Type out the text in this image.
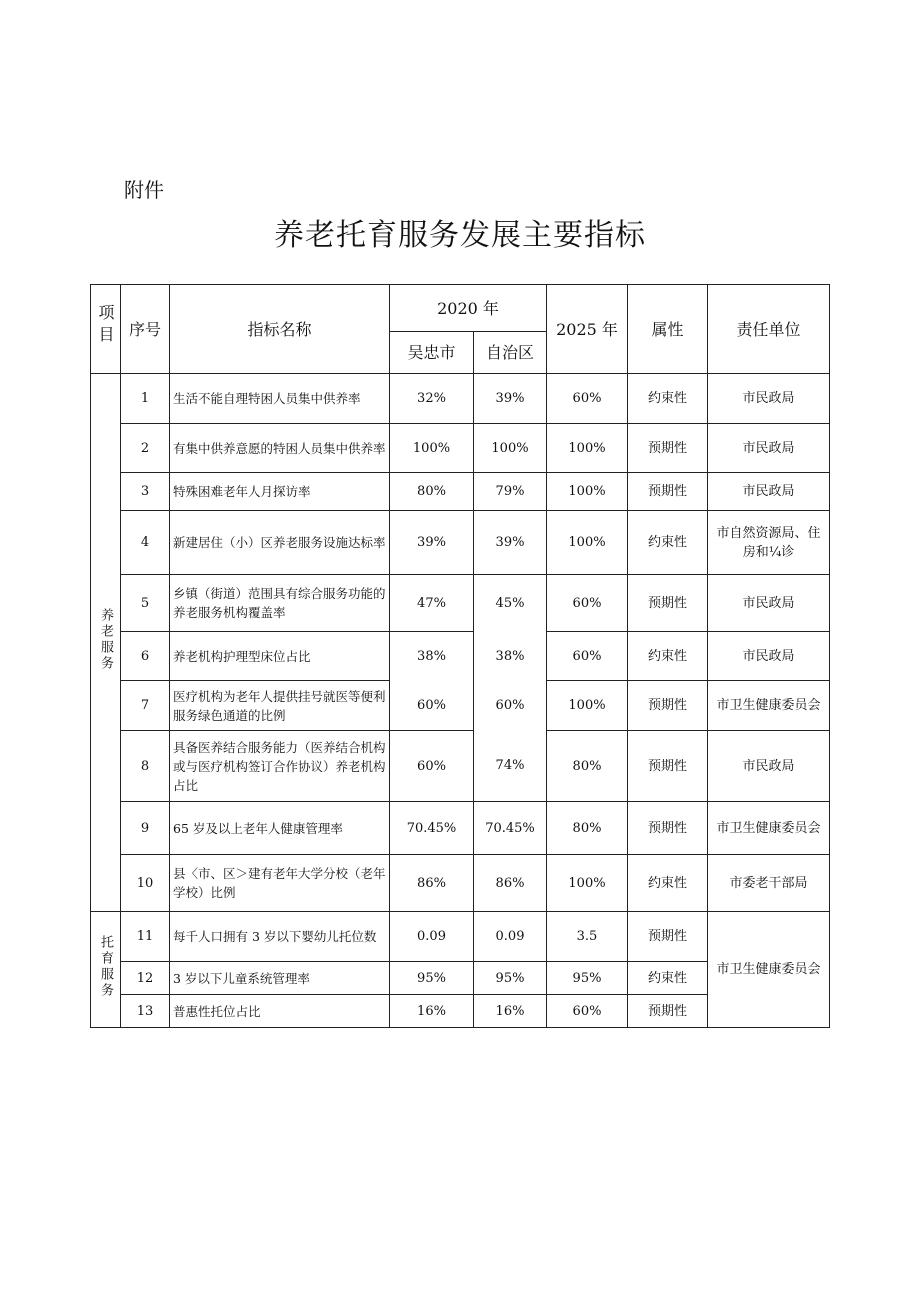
附件
养老托育服务发展主要指标
项目	序号	指标名称	2020 年		2025 年	属性	责任单位
			吴忠市	自治区			
养老服务	1	生活不能自理特困人员集中供养率	32%	39%	60%	约束性	市民政局
	2	有集中供养意愿的特困人员集中供养率	100%	100%	100%	预期性	市民政局
	3	特殊困难老年人月探访率	80%	79%	100%	预期性	市民政局
	4	新建居住（小）区养老服务设施达标率	39%	39%	100%	约束性	市自然资源局、住房和¼诊
	5	乡镇（街道）范围具有综合服务功能的养老服务机构覆盖率	47%	45%	60%	预期性	市民政局
	6	养老机构护理型床位占比	38%	38%	60%	约束性	市民政局
	7	医疗机构为老年人提供挂号就医等便利服务绿色通道的比例	60%	60%	100%	预期性	市卫生健康委员会
	8	具备医养结合服务能力（医养结合机构或与医疗机构签订合作协议）养老机构占比	60%	74%	80%	预期性	市民政局
	9	65 岁及以上老年人健康管理率	70.45%	70.45%	80%	预期性	市卫生健康委员会
	10	县〈市、区＞建有老年大学分校（老年学校）比例	86%	86%	100%	约束性	市委老干部局
托育服务	11	每千人口拥有 3 岁以下婴幼儿托位数	0.09	0.09	3.5	预期性	市卫生健康委员会
	12	3 岁以下儿童系统管理率	95%	95%	95%	约束性	
	13	普惠性托位占比	16%	16%	60%	预期性	
